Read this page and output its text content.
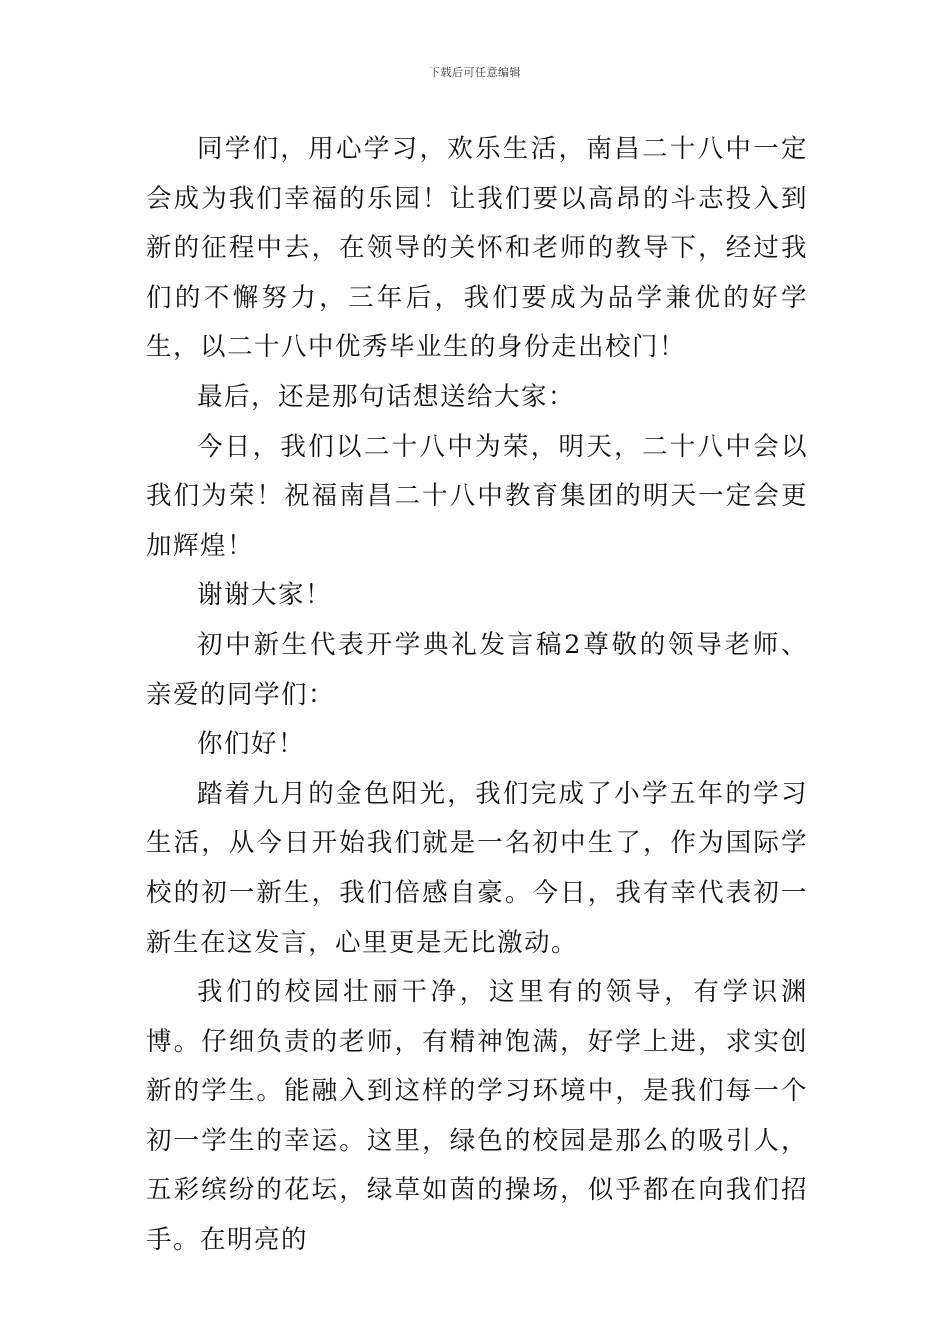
下载后可任意编辑

同学们，用心学习，欢乐生活，南昌二十八中一定会成为我们幸福的乐园！让我们要以高昂的斗志投入到新的征程中去，在领导的关怀和老师的教导下，经过我们的不懈努力，三年后，我们要成为品学兼优的好学生，以二十八中优秀毕业生的身份走出校门！

最后，还是那句话想送给大家：

今日，我们以二十八中为荣，明天，二十八中会以我们为荣！祝福南昌二十八中教育集团的明天一定会更加辉煌！

谢谢大家！

初中新生代表开学典礼发言稿2尊敬的领导老师、亲爱的同学们：

你们好！

踏着九月的金色阳光，我们完成了小学五年的学习生活，从今日开始我们就是一名初中生了，作为国际学校的初一新生，我们倍感自豪。今日，我有幸代表初一新生在这发言，心里更是无比激动。

我们的校园壮丽干净，这里有的领导，有学识渊博。仔细负责的老师，有精神饱满，好学上进，求实创新的学生。能融入到这样的学习环境中，是我们每一个初一学生的幸运。这里，绿色的校园是那么的吸引人，五彩缤纷的花坛，绿草如茵的操场，似乎都在向我们招手。在明亮的
